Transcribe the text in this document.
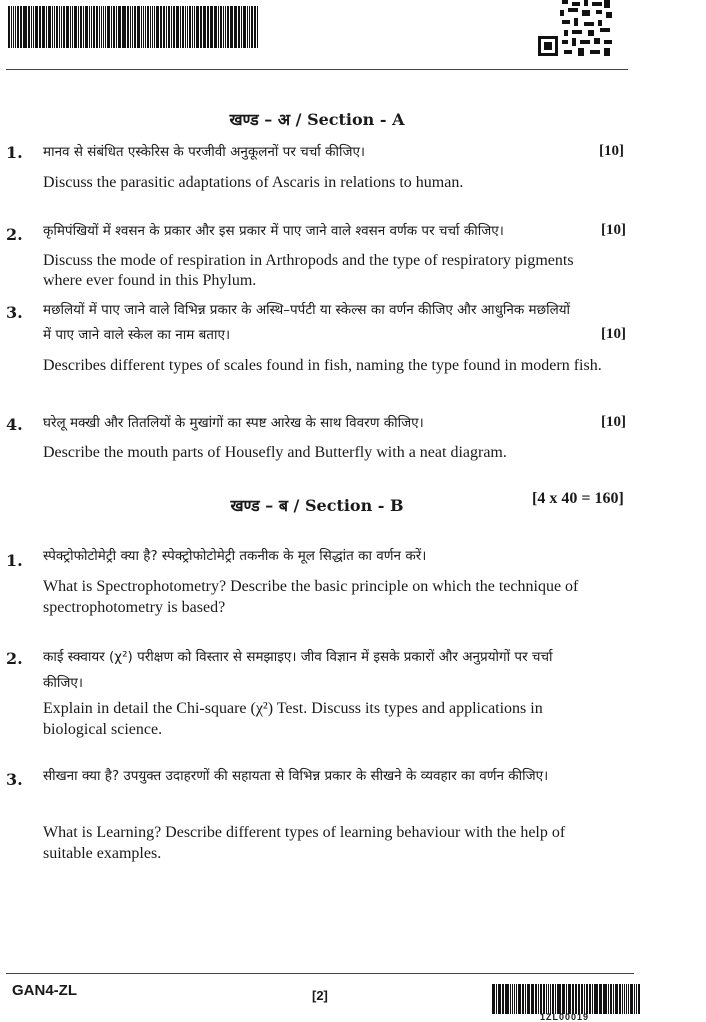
खण्ड – अ / Section - A
1. मानव से संबंधित एस्केरिस के परजीवी अनुकूलनों पर चर्चा कीजिए।	[10]
Discuss the parasitic adaptations of Ascaris in relations to human.
2. कृमिपंखियों में श्वसन के प्रकार और इस प्रकार में पाए जाने वाले श्वसन वर्णक पर चर्चा कीजिए।	[10]
Discuss the mode of respiration in Arthropods and the type of respiratory pigments
where ever found in this Phylum.
3. मछलियों में पाए जाने वाले विभिन्न प्रकार के अस्थि–पर्पटी या स्केल्स का वर्णन कीजिए और आधुनिक मछलियों
में पाए जाने वाले स्केल का नाम बताए।	[10]
Describes different types of scales found in fish, naming the type found in modern fish.
4. घरेलू मक्खी और तितलियों के मुखांगों का स्पष्ट आरेख के साथ विवरण कीजिए।	[10]
Describe the mouth parts of Housefly and Butterfly with a neat diagram.
खण्ड – ब / Section - B	[4 x 40 = 160]
1. स्पेक्ट्रोफोटोमेट्री क्या है? स्पेक्ट्रोफोटोमेट्री तकनीक के मूल सिद्धांत का वर्णन करें।
What is Spectrophotometry? Describe the basic principle on which the technique of
spectrophotometry is based?
2. काई स्क्वायर (χ²) परीक्षण को विस्तार से समझाइए। जीव विज्ञान में इसके प्रकारों और अनुप्रयोगों पर चर्चा
कीजिए।
Explain in detail the Chi-square (χ²) Test. Discuss its types and applications in
biological science.
3. सीखना क्या है? उपयुक्त उदाहरणों की सहायता से विभिन्न प्रकार के सीखने के व्यवहार का वर्णन कीजिए।
What is Learning? Describe different types of learning behaviour with the help of
suitable examples.
GAN4-ZL	[2]
1ZL00019
